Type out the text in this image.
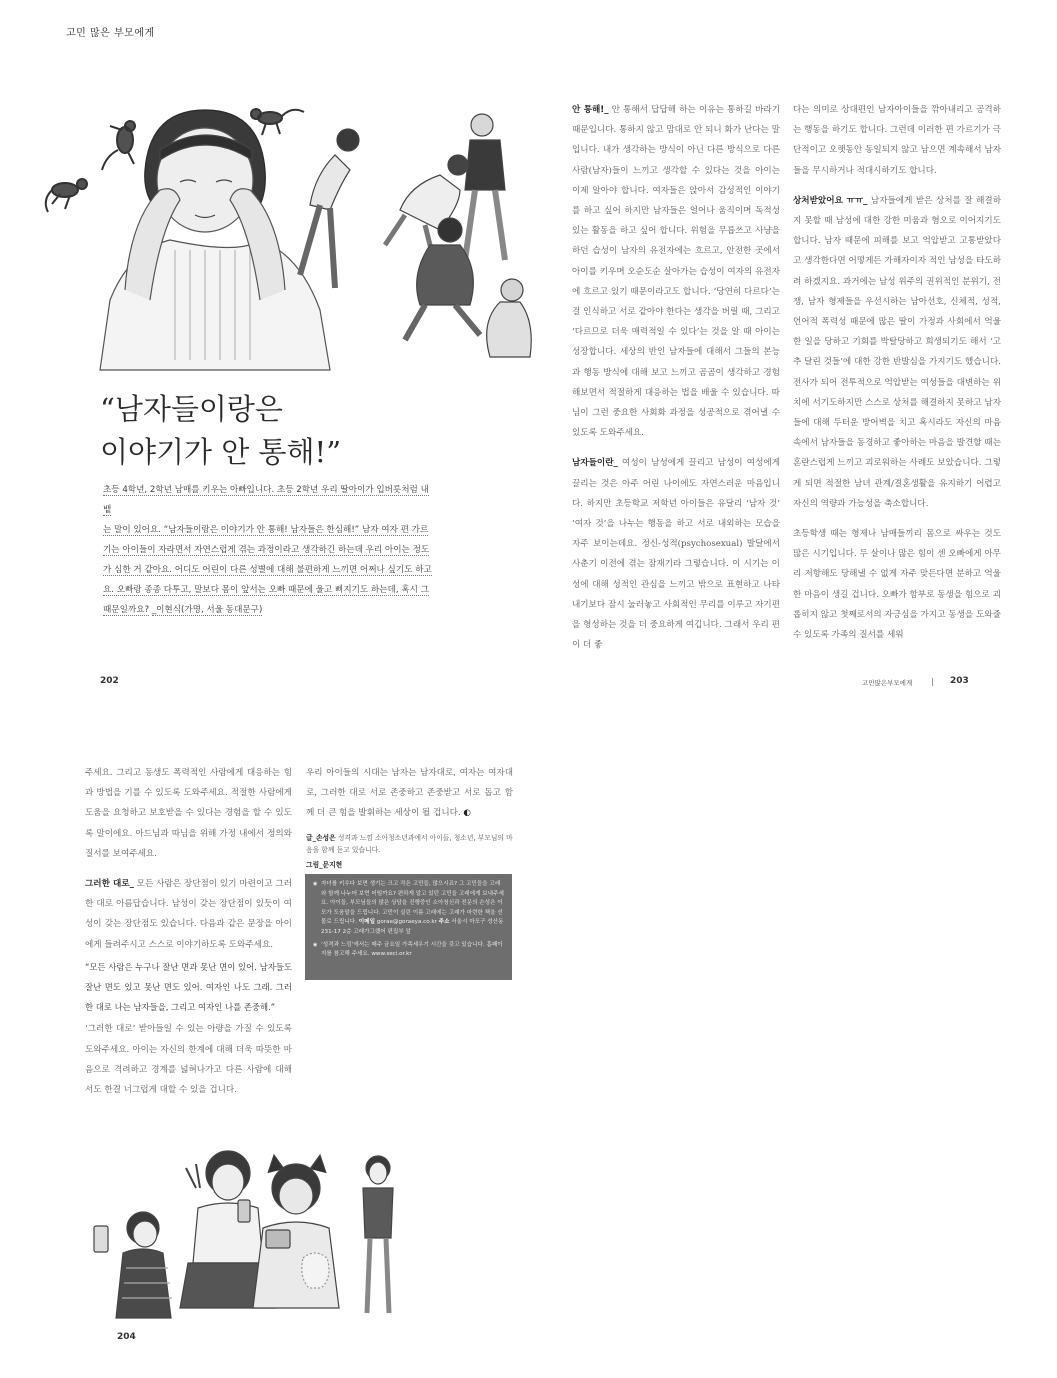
고민 많은 부모에게
“남자들이랑은
이야기가 안 통해!”
초등 4학년, 2학년 남매를 키우는 아빠입니다. 초등 2학년 우리 딸아이가 입버릇처럼 내뱉
는 말이 있어요. “남자들이랑은 이야기가 안 통해! 남자들은 한심해!” 남자 여자 편 가르
기는 아이들이 자라면서 자연스럽게 겪는 과정이라고 생각하긴 하는데 우리 아이는 정도
가 심한 거 같아요. 어디도 어린이 다른 성별에 대해 불편하게 느끼면 어쩌나 싶기도 하고
요. 오빠랑 종종 다투고, 말보다 몸이 앞서는 오빠 때문에 울고 삐지기도 하는데, 혹시 그
때문일까요? _이현식(가명, 서울 동대문구)

안 통해!_ 안 통해서 답답해 하는 이유는 통하길 바라기 때문입니다. 통하지 않고 맘대로 안 되니 화가 난다는 말입니다. 내가 생각하는 방식이 아닌 다른 방식으로 다른 사람(남자)들이 느끼고 생각할 수 있다는 것을 아이는 이제 알아야 합니다. 여자들은 앉아서 감성적인 이야기를 하고 싶어 하지만 남자들은 얼어나 움직이며 독적성 있는 활동을 하고 싶어 합니다. 위험을 무릅쓰고 사냥을 하던 습성이 남자의 유전자에는 흐르고, 안전한 곳에서 아이를 키우며 오순도순 살아가는 습성이 여자의 유전자에 흐르고 있기 때문이라고도 합니다. ‘당연히 다르다’는 걸 인식하고 서로 같아야 한다는 생각을 버릴 때, 그리고 ‘다르므로 더욱 매력적일 수 있다’는 것을 알 때 아이는 성장합니다. 세상의 반인 남자들에 대해서 그들의 본능과 행동 방식에 대해 보고 느끼고 곰곰이 생각하고 경험해보면서 적절하게 대응하는 법을 배울 수 있습니다. 따님이 그런 중요한 사회화 과정을 성공적으로 겪어낼 수 있도록 도와주세요.

남자들이란_ 여성이 남성에게 끌리고 남성이 여성에게 끌리는 것은 아주 어린 나이에도 자연스러운 마음입니다. 하지만 초등학교 저학년 아이들은 유달리 ‘남자 것’ ‘여자 것’을 나누는 행동을 하고 서로 내외하는 모습을 자주 보이는데요. 정신-성적(psychosexual) 발달에서 사춘기 이전에 겪는 잠재기라 그렇습니다. 이 시기는 이성에 대해 성적인 관심을 느끼고 밖으로 표현하고 나타내기보다 잠시 눌러놓고 사회적인 무리를 이루고 자기편을 형성하는 것을 더 중요하게 여깁니다. 그래서 우리 편이 더 좋

다는 의미로 상대편인 남자아이들을 깎아내리고 공격하는 행동을 하기도 합니다. 그런데 이러한 편 가르기가 극단적이고 오랫동안 동일되지 않고 남으면 계속해서 남자들을 무시하거나 적대시하기도 합니다.

상처받았어요 ㅠㅠ_ 남자들에게 받은 상처를 잘 해결하지 못할 때 남성에 대한 강한 미움과 혐오로 이어지기도 합니다. 남자 때문에 피해를 보고 억압받고 고통받았다고 생각한다면 어떻게든 가해자이자 적인 남성을 타도하려 하겠지요. 과거에는 남성 위주의 권위적인 분위기, 전쟁, 남자 형제들을 우선시하는 남아선호, 신체적, 성적, 언어적 폭력성 때문에 많은 딸이 가정과 사회에서 억울한 일을 당하고 기회를 박탈당하고 희생되기도 해서 ‘고추 달린 것들’에 대한 강한 반발심을 가지기도 했습니다. 전사가 되어 전투적으로 억압받는 여성들을 대변하는 위치에 서기도하지만 스스로 상처를 해결하지 못하고 남자들에 대해 두터운 방어벽을 치고 혹시라도 자신의 마음속에서 남자들을 동경하고 좋아하는 마음을 발견할 때는 혼란스럽게 느끼고 괴로워하는 사례도 보았습니다. 그렇게 되면 적절한 남녀 관계/결혼생활을 유지하기 어렵고 자신의 역량과 가능성을 축소합니다.

초등학생 때는 형제나 남매들끼리 몸으로 싸우는 것도 많은 시기입니다. 두 살이나 많은 힘이 센 오빠에게 아무리 저항해도 당해낼 수 없게 자주 맞든다면 분하고 억울한 마음이 생길 겁니다. 오빠가 함부로 동생을 힘으로 괴롭히지 않고 첫째로서의 자긍심을 가지고 동생을 도와줄 수 있도록 가족의 질서를 세워

202	고민많은부모에게	203

주세요. 그리고 동생도 폭력적인 사람에게 대응하는 힘과 방법을 기를 수 있도록 도와주세요. 적절한 사람에게 도움을 요청하고 보호받을 수 있다는 경험을 할 수 있도록 말이에요. 아드님과 따님을 위해 가정 내에서 정의와 질서를 보여주세요.

그러한 대로_ 모든 사람은 장단점이 있기 마련이고 그러한 대로 아름답습니다. 남성이 갖는 장단점이 있듯이 여성이 갖는 장단점도 있습니다. 다음과 같은 문장을 아이에게 들려주시고 스스로 이야기하도록 도와주세요.

“모든 사람은 누구나 잘난 면과 못난 면이 있어. 남자들도 잘난 면도 있고 못난 면도 있어. 여자인 나도 그래. 그러한 대로 나는 남자들을, 그리고 여자인 나를 존중해.”

‘그러한 대로’ 받아들일 수 있는 아량을 가질 수 있도록 도와주세요. 아이는 자신의 한계에 대해 더욱 따뜻한 마음으로 격려하고 경계를 넓혀나가고 다른 사람에 대해서도 한결 너그럽게 대할 수 있을 겁니다.

우리 아이들의 시대는 남자는 남자대로, 여자는 여자대로, 그러한 대로 서로 존중하고 존중받고 서로 돕고 함께 더 큰 힘을 발휘하는 세상이 될 겁니다. ◐

글_손성은 성격과 느낌 소아청소년과에서 아이들, 청소년, 부모님의 마음을 함께 듣고 있습니다.
그림_문지현
◉ 자녀를 키우다 보면 생기는 크고 작은 고민들, 많으시죠? 그 고민들을 고래와 함께 나누어 보면 어떨까요? 편하게 알고 있던 고민을 고래에게 보내주세요. 아이들, 부모님들의 많은 상담을 진행중인 소아청신과 전문의 손성은 이모가 도움말을 드립니다. 고민이 실린 이름 고래에는 고래가 마련한 책을 선물로 드립니다. 이메일 gorae@goraeya.co.kr 주소 서울시 마포구 성산동 231-17 2층 고래가그랬어 편집부 앞
◉ ‘성격과 느낌’에서는 매주 금요일 가족세우기 시간을 갖고 있습니다. 홈페이지를 참고해 주세요. www.seci.or.kr
204
